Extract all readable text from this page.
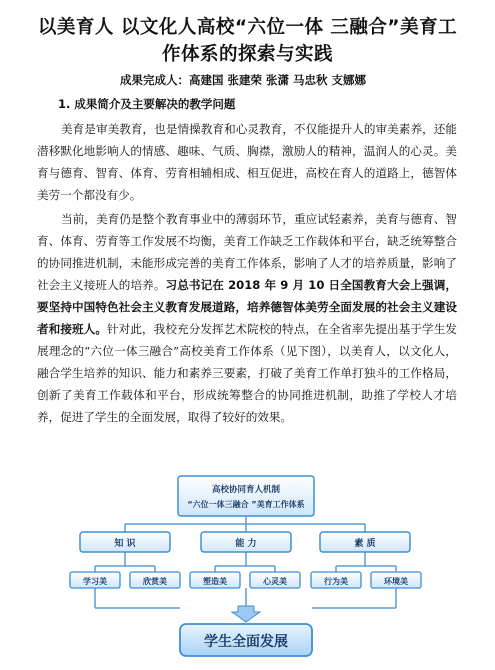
以美育人 以文化人高校“六位一体 三融合”美育工
作体系的探索与实践
成果完成人：高建国 张建荣 张潇 马忠秋 支娜娜
1. 成果简介及主要解决的教学问题

美育是审美教育，也是情操教育和心灵教育，不仅能提升人的审美素养，还能潜移默化地影响人的情感、趣味、气质、胸襟，激励人的精神，温润人的心灵。美育与德育、智育、体育、劳育相辅相成、相互促进，高校在育人的道路上，德智体美劳一个都没有少。

当前，美育仍是整个教育事业中的薄弱环节，重应试轻素养，美育与德育、智育、体育、劳育等工作发展不均衡，美育工作缺乏工作载体和平台，缺乏统筹整合的协同推进机制，未能形成完善的美育工作体系，影响了人才的培养质量，影响了社会主义接班人的培养。习总书记在 2018 年 9 月 10 日全国教育大会上强调，要坚持中国特色社会主义教育发展道路，培养德智体美劳全面发展的社会主义建设者和接班人。针对此，我校充分发挥艺术院校的特点，在全省率先提出基于学生发展理念的“六位一体三融合”高校美育工作体系（见下图），以美育人，以文化人，融合学生培养的知识、能力和素养三要素，打破了美育工作单打独斗的工作格局，创新了美育工作载体和平台，形成统筹整合的协同推进机制，助推了学校人才培养，促进了学生的全面发展，取得了较好的效果。

高校协同育人机制
“六位一体三融合 ”美育工作体系
知 识	能 力	素 质
学习美	欣赏美	塑造美	心灵美	行为美	环境美
学生全面发展
